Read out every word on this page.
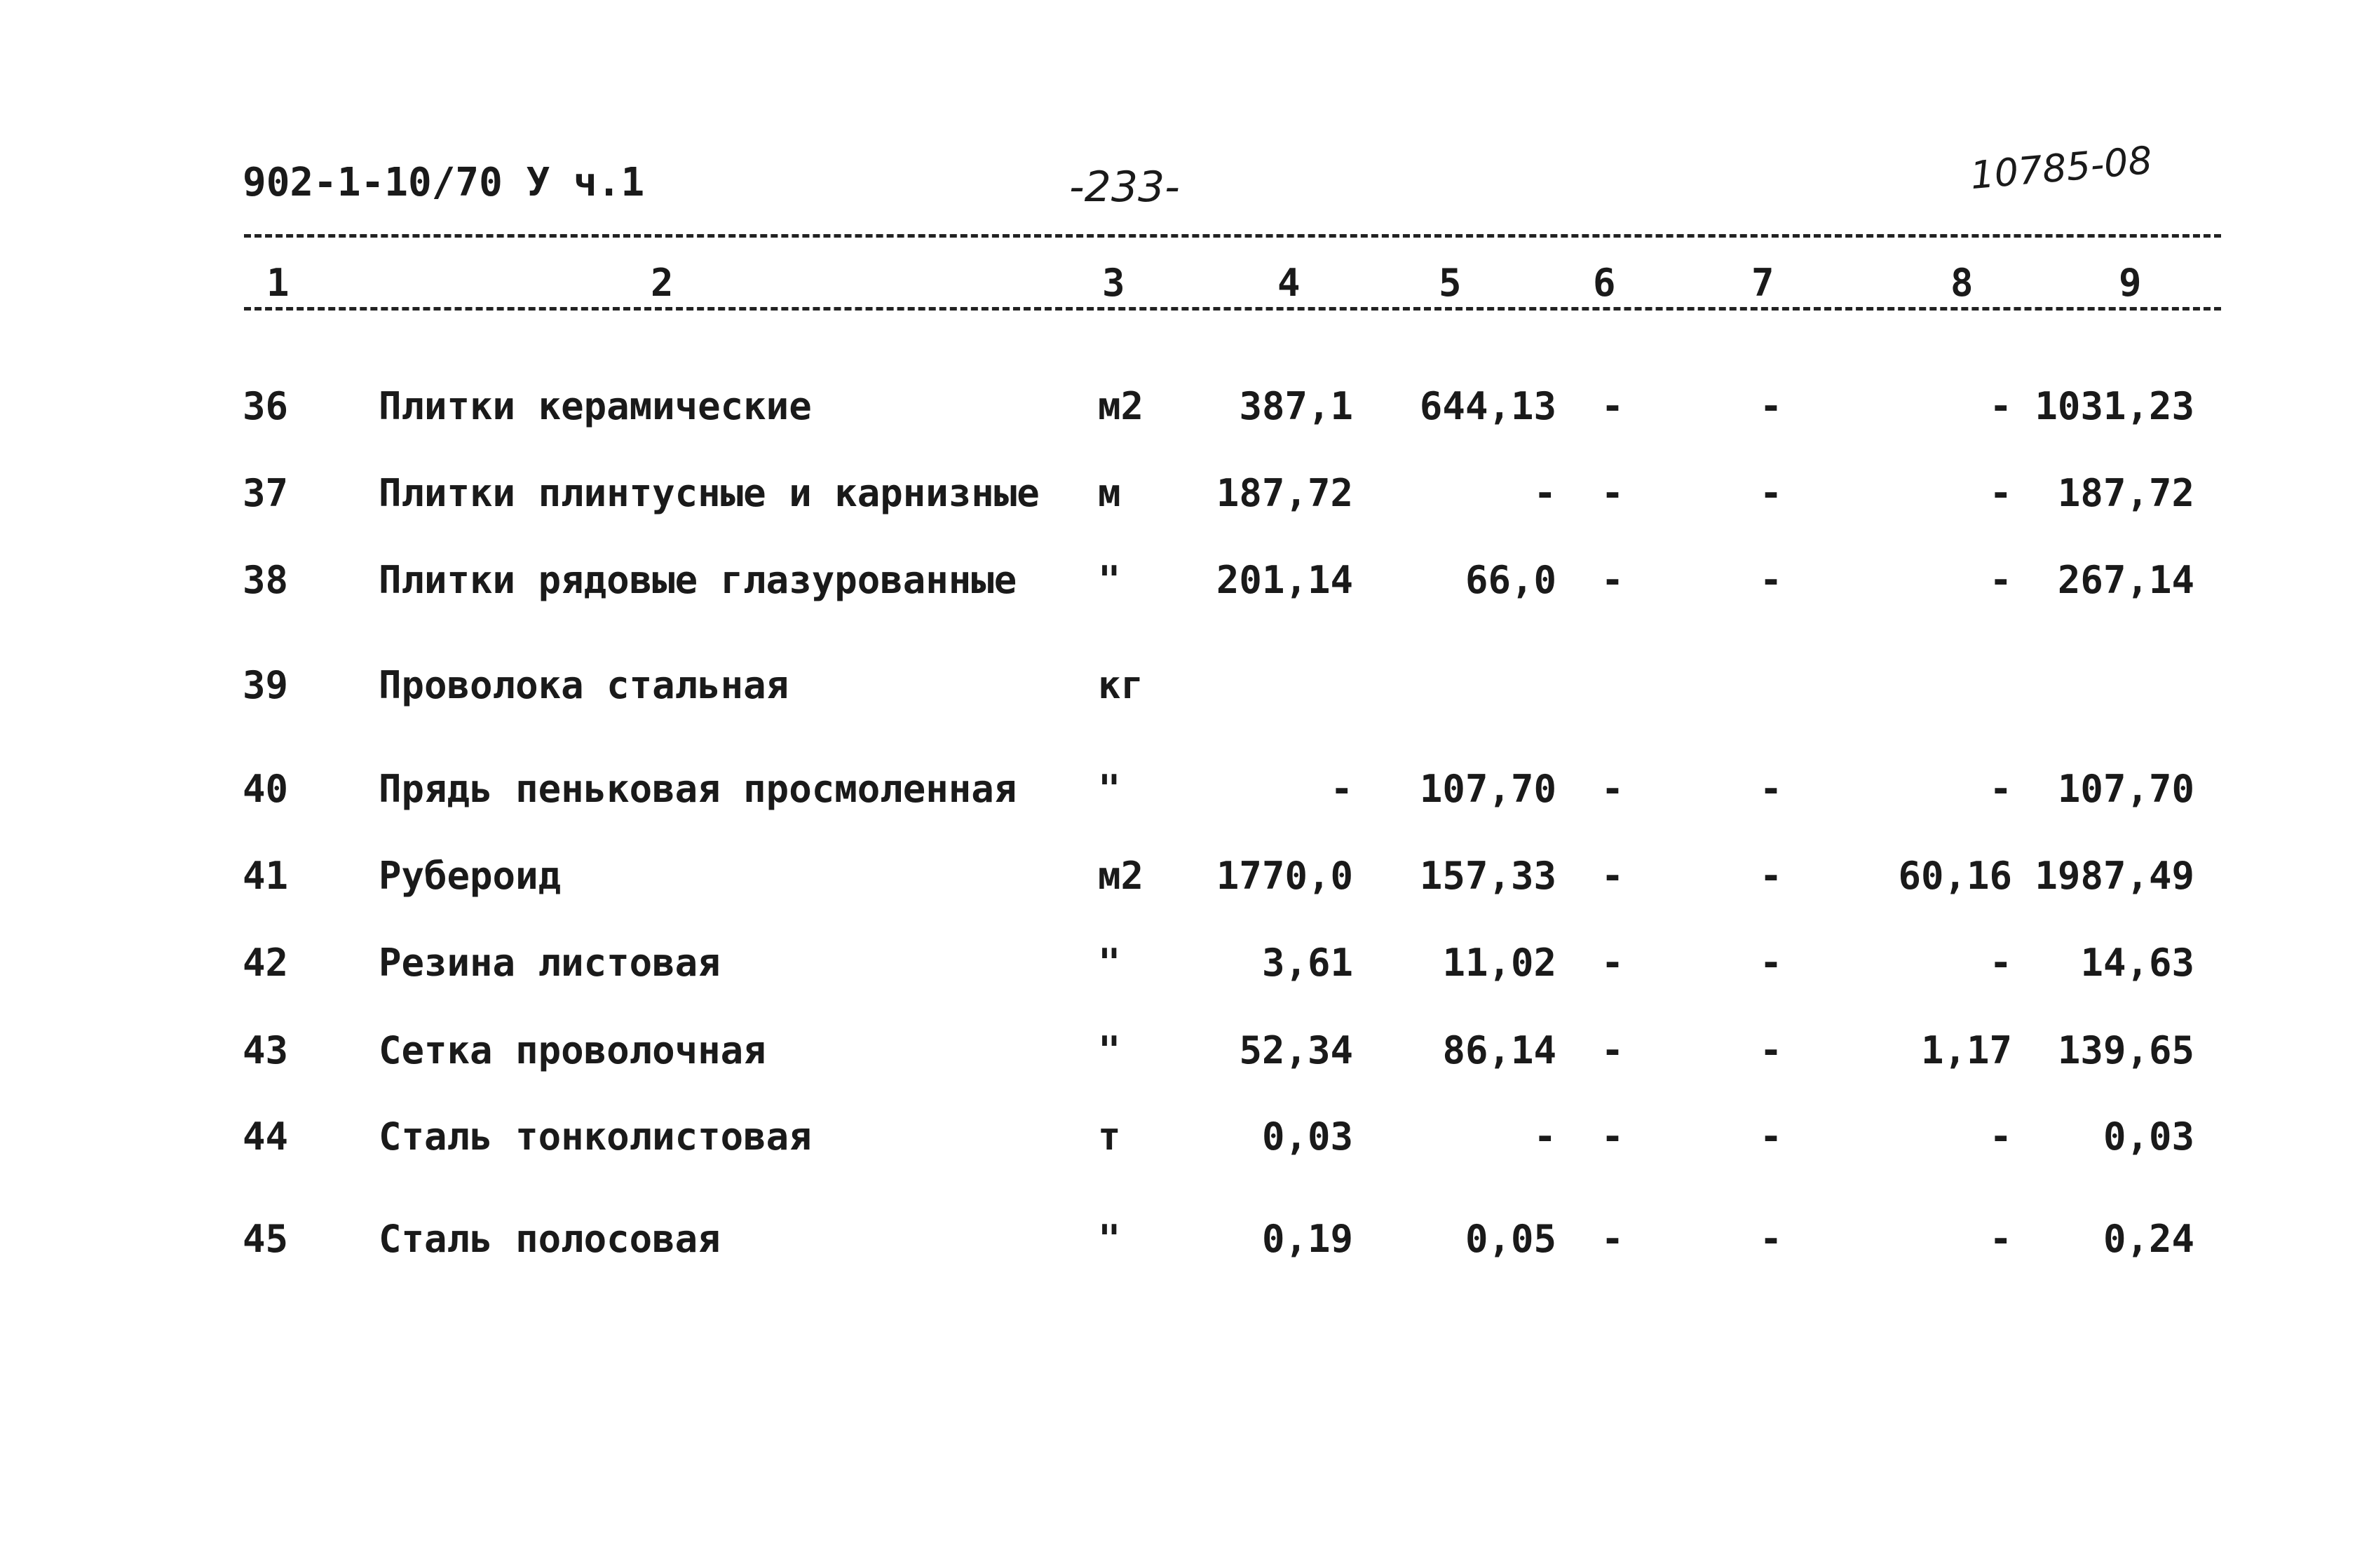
902-1-10/70 У ч.1	-233-	10785-08
1	2	3	4	5	6	7	8	9
36	Плитки керамические	м2	387,1	644,13	-	-	- 1031,23
37	Плитки плинтусные и карнизные	м	187,72	-	-	-	-	187,72
38	Плитки рядовые глазурованные	"	201,14	66,0	-	-	-	267,14
39	Проволока стальная	кг
40	Прядь пеньковая просмоленная	"	-	107,70	-	-	-	107,70
41	Рубероид	м2	1770,0	157,33	-	-	60,16 1987,49
42	Резина листовая	"	3,61	11,02	-	-	-	14,63
43	Сетка проволочная	"	52,34	86,14	-	-	1,17	139,65
44	Сталь тонколистовая	т	0,03	-	-	-	-	0,03
45	Сталь полосовая	"	0,19	0,05	-	-	-	0,24
